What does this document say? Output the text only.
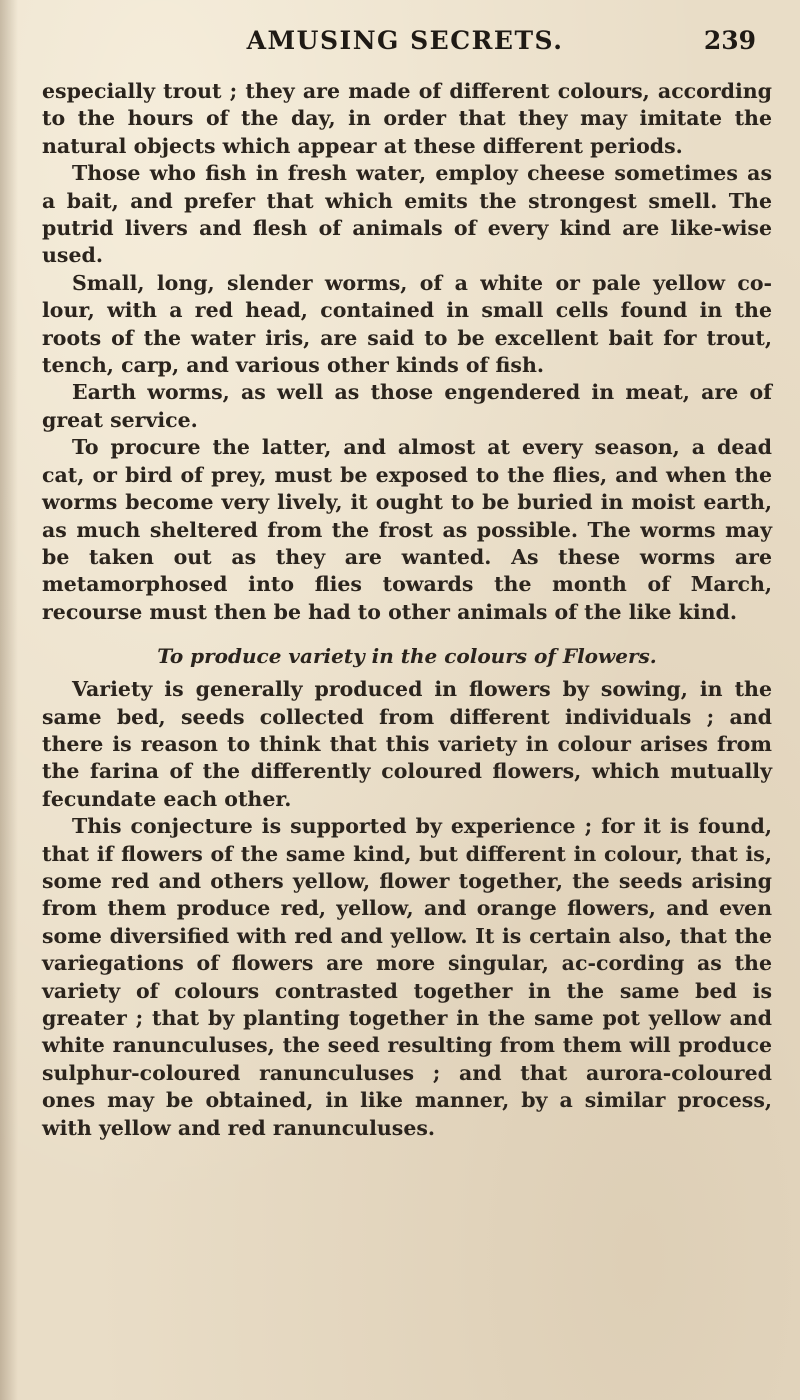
AMUSING SECRETS.	239

especially trout ; they are made of different colours, according to the hours of the day, in order that they may imitate the natural objects which appear at these different periods.

Those who fish in fresh water, employ cheese sometimes as a bait, and prefer that which emits the strongest smell. The putrid livers and flesh of animals of every kind are like-wise used.

Small, long, slender worms, of a white or pale yellow co-lour, with a red head, contained in small cells found in the roots of the water iris, are said to be excellent bait for trout, tench, carp, and various other kinds of fish.

Earth worms, as well as those engendered in meat, are of great service.

To procure the latter, and almost at every season, a dead cat, or bird of prey, must be exposed to the flies, and when the worms become very lively, it ought to be buried in moist earth, as much sheltered from the frost as possible. The worms may be taken out as they are wanted. As these worms are metamorphosed into flies towards the month of March, recourse must then be had to other animals of the like kind.

To produce variety in the colours of Flowers.

Variety is generally produced in flowers by sowing, in the same bed, seeds collected from different individuals ; and there is reason to think that this variety in colour arises from the farina of the differently coloured flowers, which mutually fecundate each other.

This conjecture is supported by experience ; for it is found, that if flowers of the same kind, but different in colour, that is, some red and others yellow, flower together, the seeds arising from them produce red, yellow, and orange flowers, and even some diversified with red and yellow. It is certain also, that the variegations of flowers are more singular, ac-cording as the variety of colours contrasted together in the same bed is greater ; that by planting together in the same pot yellow and white ranunculuses, the seed resulting from them will produce sulphur-coloured ranunculuses ; and that aurora-coloured ones may be obtained, in like manner, by a similar process, with yellow and red ranunculuses.
